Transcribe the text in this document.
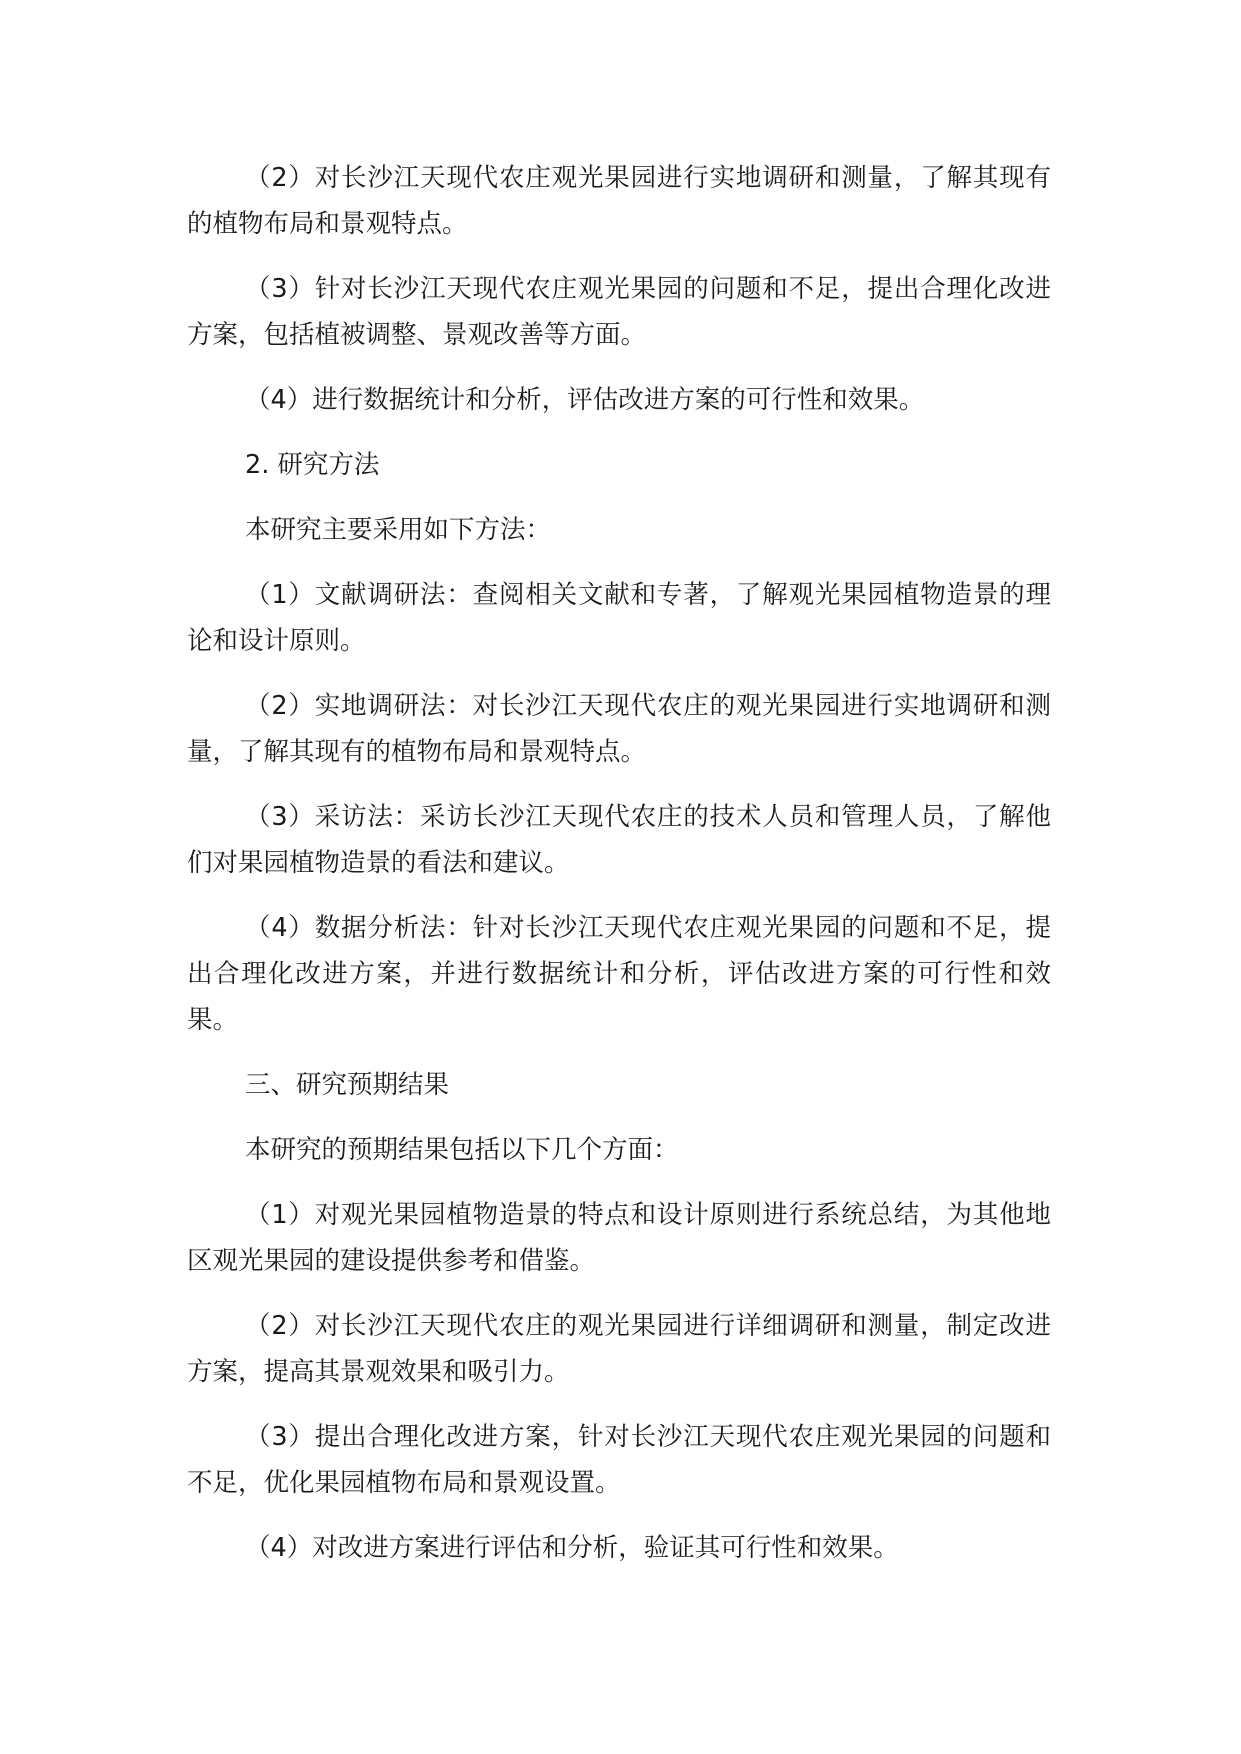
（2）对长沙江天现代农庄观光果园进行实地调研和测量，了解其现有的植物布局和景观特点。

（3）针对长沙江天现代农庄观光果园的问题和不足，提出合理化改进方案，包括植被调整、景观改善等方面。

（4）进行数据统计和分析，评估改进方案的可行性和效果。

2. 研究方法

本研究主要采用如下方法：

（1）文献调研法：查阅相关文献和专著，了解观光果园植物造景的理论和设计原则。

（2）实地调研法：对长沙江天现代农庄的观光果园进行实地调研和测量，了解其现有的植物布局和景观特点。

（3）采访法：采访长沙江天现代农庄的技术人员和管理人员，了解他们对果园植物造景的看法和建议。

（4）数据分析法：针对长沙江天现代农庄观光果园的问题和不足，提出合理化改进方案，并进行数据统计和分析，评估改进方案的可行性和效果。

三、研究预期结果

本研究的预期结果包括以下几个方面：

（1）对观光果园植物造景的特点和设计原则进行系统总结，为其他地区观光果园的建设提供参考和借鉴。

（2）对长沙江天现代农庄的观光果园进行详细调研和测量，制定改进方案，提高其景观效果和吸引力。

（3）提出合理化改进方案，针对长沙江天现代农庄观光果园的问题和不足，优化果园植物布局和景观设置。

（4）对改进方案进行评估和分析，验证其可行性和效果。
